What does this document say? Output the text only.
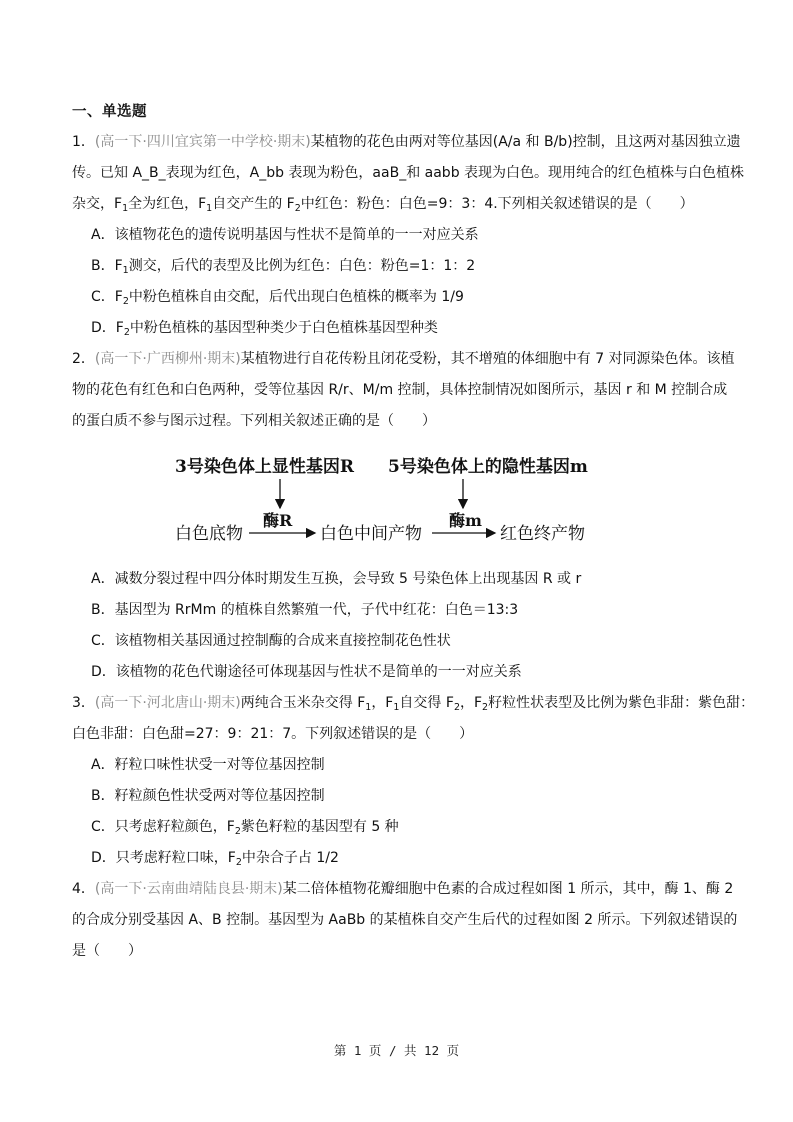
一、单选题
1．(高一下·四川宜宾第一中学校·期末)某植物的花色由两对等位基因(A/a 和 B/b)控制，且这两对基因独立遗
传。已知 A_B_表现为红色，A_bb 表现为粉色，aaB_和 aabb 表现为白色。现用纯合的红色植株与白色植株
杂交，$F_1$全为红色，$F_1$自交产生的 $F_2$中红色：粉色：白色=9：3：4.下列相关叙述错误的是（　　）
A．该植物花色的遗传说明基因与性状不是简单的一一对应关系
B．$F_1$测交，后代的表型及比例为红色：白色：粉色=1：1：2
C．$F_2$中粉色植株自由交配，后代出现白色植株的概率为 1/9
D．$F_2$中粉色植株的基因型种类少于白色植株基因型种类
2．(高一下·广西柳州·期末)某植物进行自花传粉且闭花受粉，其不增殖的体细胞中有 7 对同源染色体。该植
物的花色有红色和白色两种，受等位基因 R/r、M/m 控制，具体控制情况如图所示，基因 r 和 M 控制合成
的蛋白质不参与图示过程。下列相关叙述正确的是（　　）
3号染色体上显性基因R 5号染色体上的隐性基因m
白色底物
酶R
白色中间产物
酶m
红色终产物
A．减数分裂过程中四分体时期发生互换，会导致 5 号染色体上出现基因 R 或 r
B．基因型为 RrMm 的植株自然繁殖一代，子代中红花：白色＝13:3
C．该植物相关基因通过控制酶的合成来直接控制花色性状
D．该植物的花色代谢途径可体现基因与性状不是简单的一一对应关系
3．(高一下·河北唐山·期末)两纯合玉米杂交得 $F_1$，$F_1$自交得 $F_2$，$F_2$籽粒性状表型及比例为紫色非甜：紫色甜：
白色非甜：白色甜=27：9：21：7。下列叙述错误的是（　　）
A．籽粒口味性状受一对等位基因控制
B．籽粒颜色性状受两对等位基因控制
C．只考虑籽粒颜色，$F_2$紫色籽粒的基因型有 5 种
D．只考虑籽粒口味，$F_2$中杂合子占 1/2
4．(高一下·云南曲靖陆良县·期末)某二倍体植物花瓣细胞中色素的合成过程如图 1 所示，其中，酶 1、酶 2
的合成分别受基因 A、B 控制。基因型为 AaBb 的某植株自交产生后代的过程如图 2 所示。下列叙述错误的
是（　　）
第 1 页 / 共 12 页
